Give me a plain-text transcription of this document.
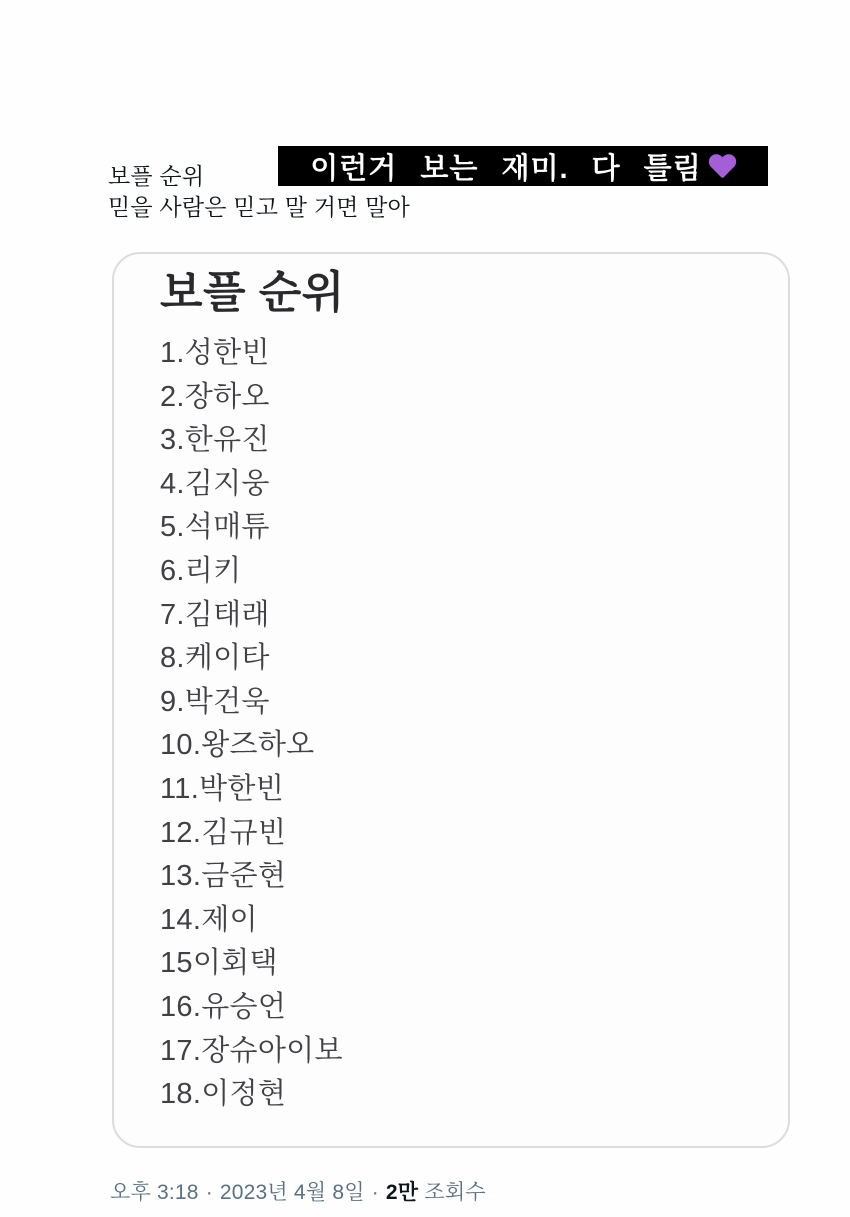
보플 순위
믿을 사람은 믿고 말 거면 말아
이런거 보는 재미. 다 틀림
보플 순위
1.성한빈
2.장하오
3.한유진
4.김지웅
5.석매튜
6.리키
7.김태래
8.케이타
9.박건욱
10.왕즈하오
11.박한빈
12.김규빈
13.금준현
14.제이
15이회택
16.유승언
17.장슈아이보
18.이정현
오후 3:18 · 2023년 4월 8일 · 2만 조회수
